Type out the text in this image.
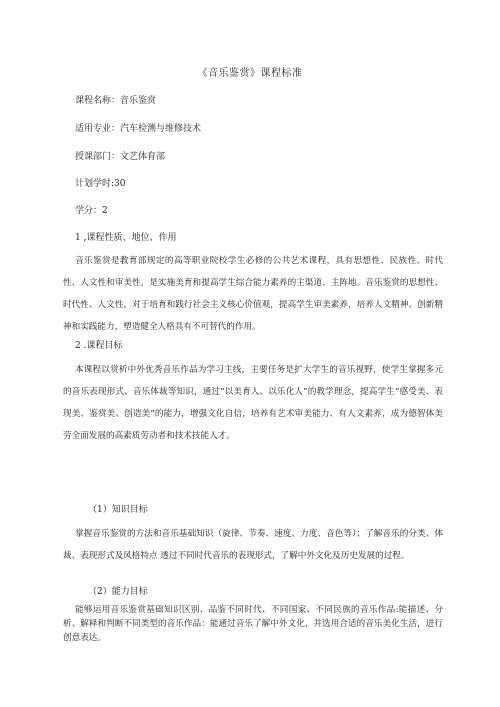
《音乐鉴赏》课程标准
课程名称：音乐鉴赏
适用专业：汽车检测与维修技术
授课部门：文艺体育部
计划学时:30
学分：2
1 ,课程性质、地位、作用
音乐鉴赏是教育部规定的高等职业院校学生必修的公共艺术课程，具有思想性、民族性、时代性、人文性和审美性，是实施美育和提高学生综合能力素养的主渠道、主阵地。音乐鉴赏的思想性、时代性、人文性，对于培育和践行社会主义核心价值观，提高学生审美素养，培养人文精神、创新精神和实践能力，塑造健全人格具有不可替代的作用。
2 .课程目标
本课程以赏析中外优秀音乐作品为学习主线，主要任务是扩大学生的音乐视野，使学生掌握多元的音乐表现形式、音乐体裁等知识，通过“以美育人、以乐化人”的教学理念，提高学生“感受美、表现美、鉴赏美、创造美”的能力，增强文化自信，培养有艺术审美能力、有人文素养，成为德智体美劳全面发展的高素质劳动者和技术技能人才。
（1）知识目标
掌握音乐鉴赏的方法和音乐基础知识（旋律、节奏、速度、力度、音色等）；了解音乐的分类、体裁、表现形式及风格特点 透过不同时代音乐的表现形式，了解中外文化及历史发展的过程。
（2）能力目标
能够运用音乐鉴赏基础知识区别、品鉴不同时代、不同国家、不同民族的音乐作品:能描述、分析、解释和判断不同类型的音乐作品：能通过音乐了解中外文化，并选用合适的音乐美化生活，进行创意表达。
